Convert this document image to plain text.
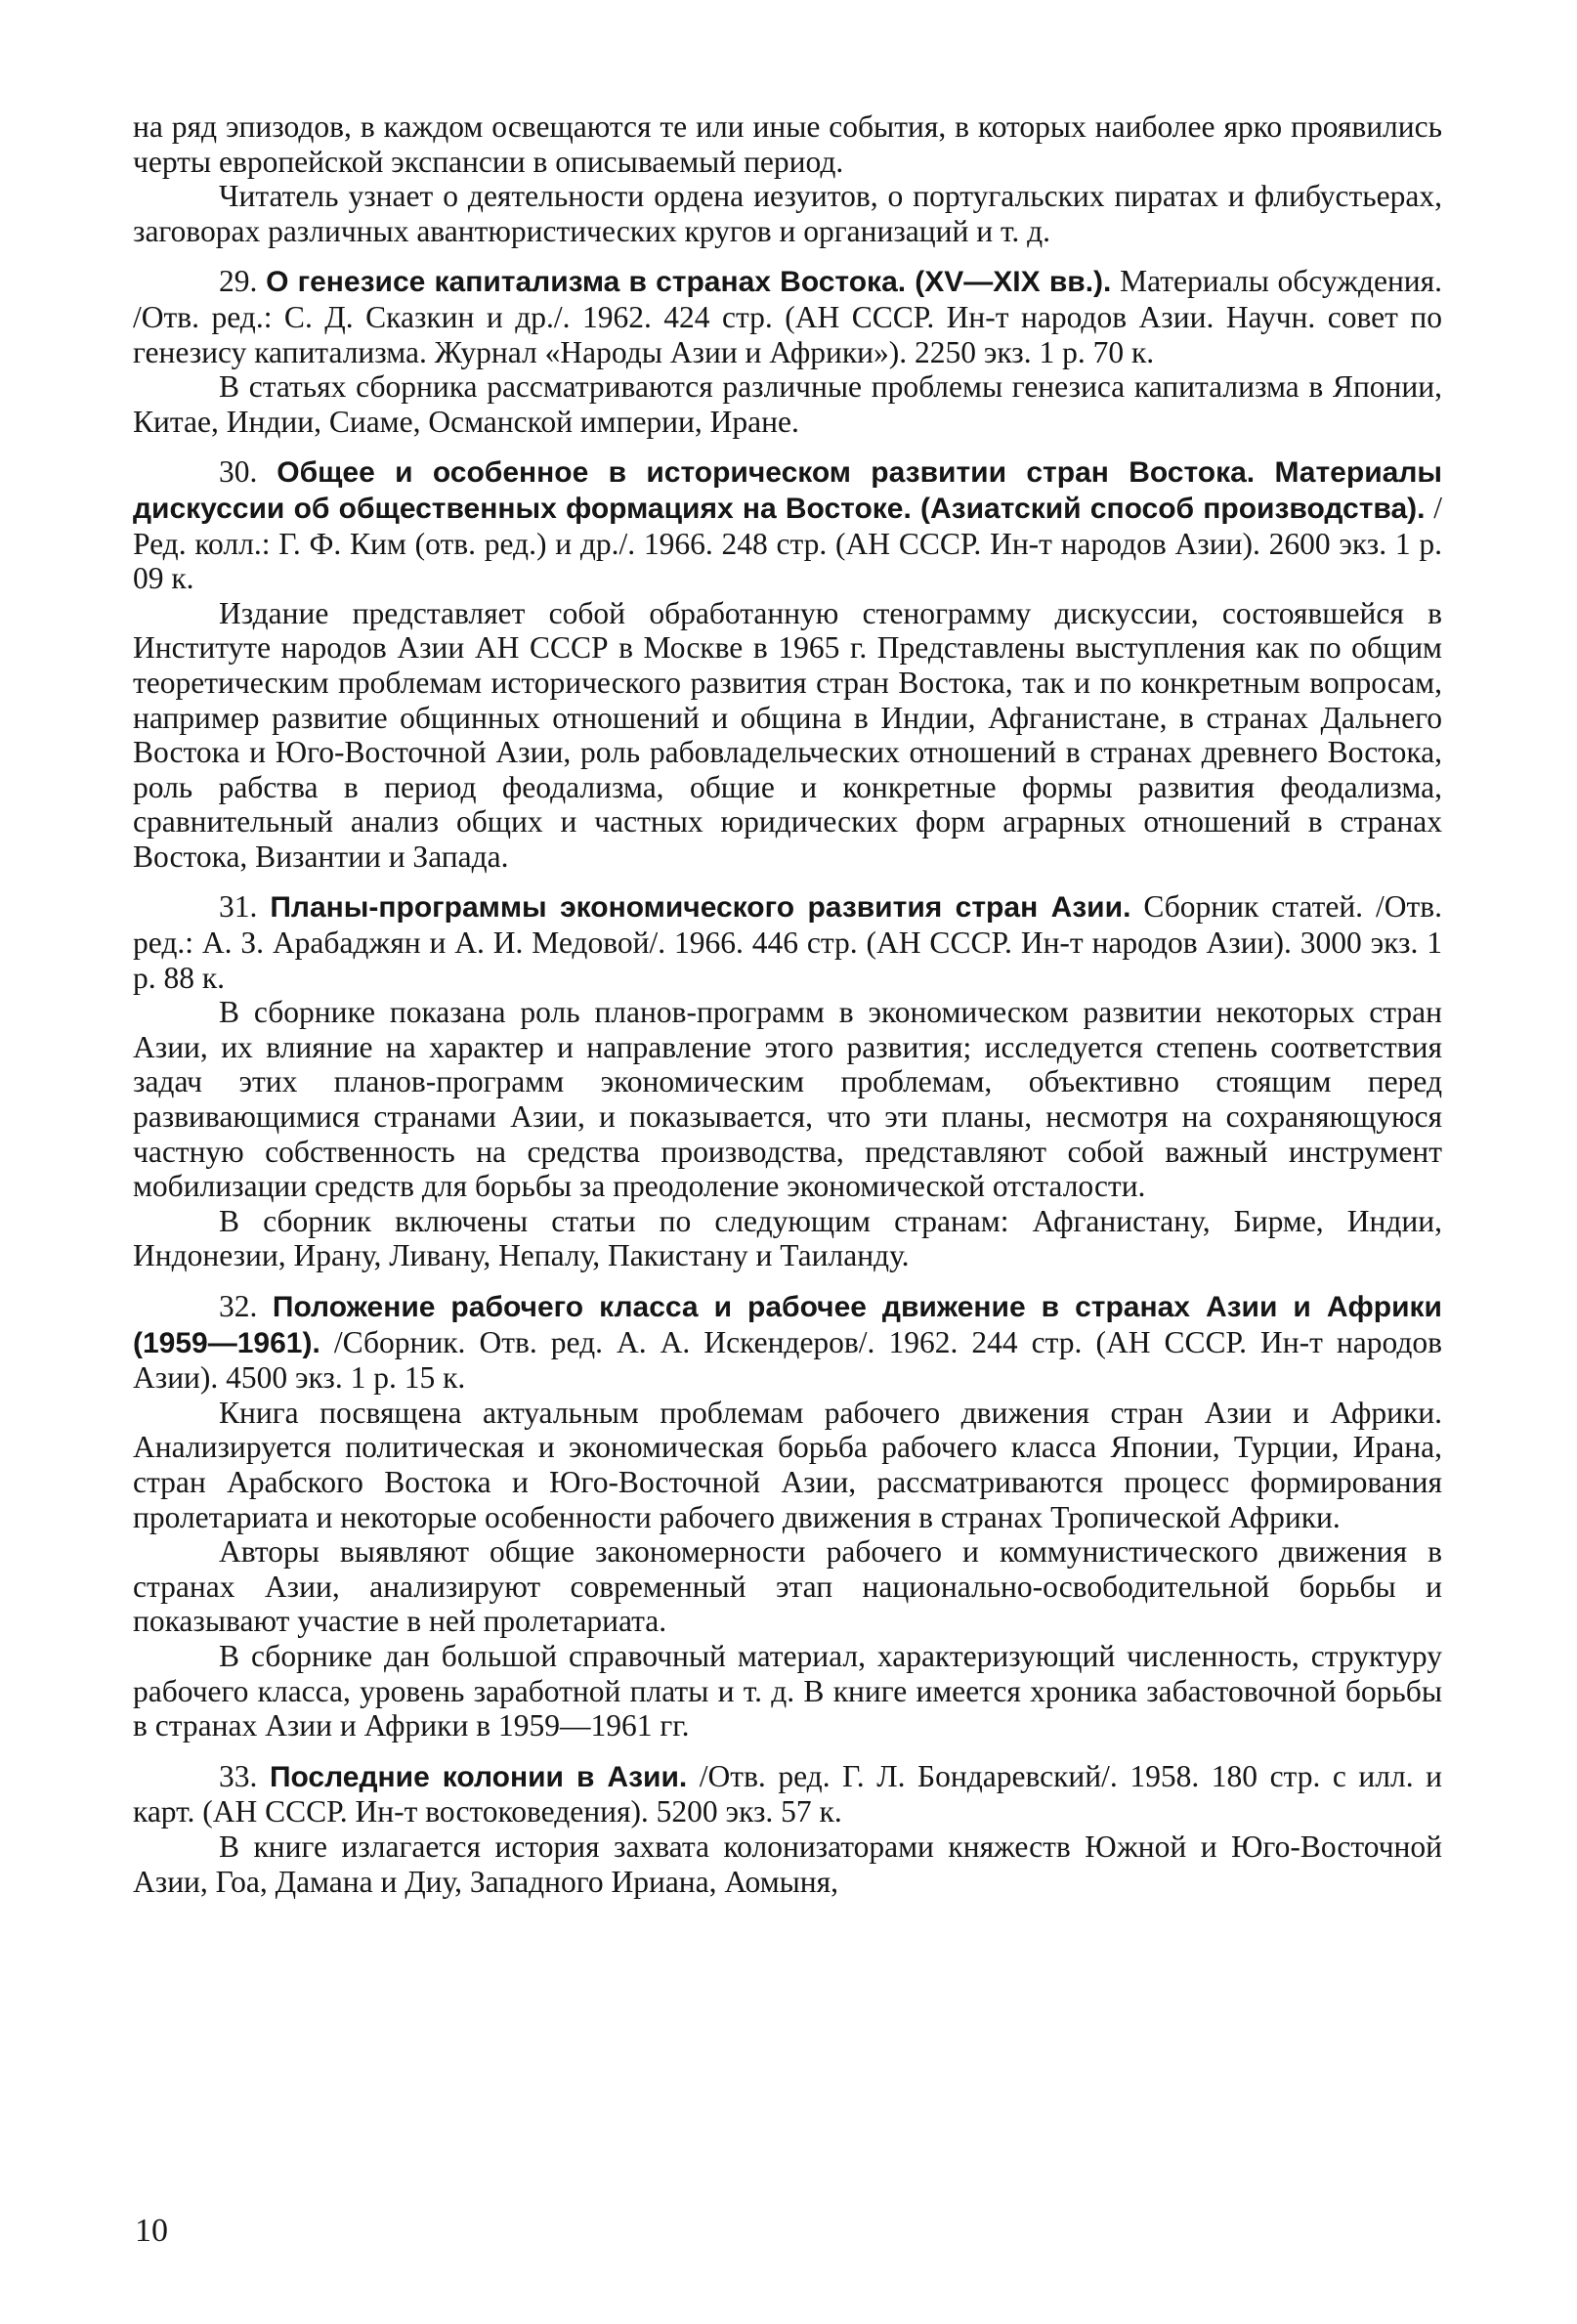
на ряд эпизодов, в каждом освещаются те или иные события, в которых наиболее ярко проявились черты европейской экспансии в описываемый период.

Читатель узнает о деятельности ордена иезуитов, о португальских пиратах и флибустьерах, заговорах различных авантюристических кругов и организаций и т. д.

29. О генезисе капитализма в странах Востока. (XV—XIX вв.). Материалы обсуждения. /Отв. ред.: С. Д. Сказкин и др./. 1962. 424 стр. (АН СССР. Ин-т народов Азии. Научн. совет по генезису капитализма. Журнал «Народы Азии и Африки»). 2250 экз. 1 р. 70 к.

В статьях сборника рассматриваются различные проблемы генезиса капитализма в Японии, Китае, Индии, Сиаме, Османской империи, Иране.

30. Общее и особенное в историческом развитии стран Востока. Материалы дискуссии об общественных формациях на Востоке. (Азиатский способ производства). /Ред. колл.: Г. Ф. Ким (отв. ред.) и др./. 1966. 248 стр. (АН СССР. Ин-т народов Азии). 2600 экз. 1 р. 09 к.

Издание представляет собой обработанную стенограмму дискуссии, состоявшейся в Институте народов Азии АН СССР в Москве в 1965 г. Представлены выступления как по общим теоретическим проблемам исторического развития стран Востока, так и по конкретным вопросам, например развитие общинных отношений и община в Индии, Афганистане, в странах Дальнего Востока и Юго-Восточной Азии, роль рабовладельческих отношений в странах древнего Востока, роль рабства в период феодализма, общие и конкретные формы развития феодализма, сравнительный анализ общих и частных юридических форм аграрных отношений в странах Востока, Византии и Запада.

31. Планы-программы экономического развития стран Азии. Сборник статей. /Отв. ред.: А. З. Арабаджян и А. И. Медовой/. 1966. 446 стр. (АН СССР. Ин-т народов Азии). 3000 экз. 1 р. 88 к.

В сборнике показана роль планов-программ в экономическом развитии некоторых стран Азии, их влияние на характер и направление этого развития; исследуется степень соответствия задач этих планов-программ экономическим проблемам, объективно стоящим перед развивающимися странами Азии, и показывается, что эти планы, несмотря на сохраняющуюся частную собственность на средства производства, представляют собой важный инструмент мобилизации средств для борьбы за преодоление экономической отсталости.

В сборник включены статьи по следующим странам: Афганистану, Бирме, Индии, Индонезии, Ирану, Ливану, Непалу, Пакистану и Таиланду.

32. Положение рабочего класса и рабочее движение в странах Азии и Африки (1959—1961). /Сборник. Отв. ред. А. А. Искендеров/. 1962. 244 стр. (АН СССР. Ин-т народов Азии). 4500 экз. 1 р. 15 к.

Книга посвящена актуальным проблемам рабочего движения стран Азии и Африки. Анализируется политическая и экономическая борьба рабочего класса Японии, Турции, Ирана, стран Арабского Востока и Юго-Восточной Азии, рассматриваются процесс формирования пролетариата и некоторые особенности рабочего движения в странах Тропической Африки.

Авторы выявляют общие закономерности рабочего и коммунистического движения в странах Азии, анализируют современный этап национально-освободительной борьбы и показывают участие в ней пролетариата.

В сборнике дан большой справочный материал, характеризующий численность, структуру рабочего класса, уровень заработной платы и т. д. В книге имеется хроника забастовочной борьбы в странах Азии и Африки в 1959—1961 гг.

33. Последние колонии в Азии. /Отв. ред. Г. Л. Бондаревский/. 1958. 180 стр. с илл. и карт. (АН СССР. Ин-т востоковедения). 5200 экз. 57 к.

В книге излагается история захвата колонизаторами княжеств Южной и Юго-Восточной Азии, Гоа, Дамана и Диу, Западного Ириана, Аомыня,

10
